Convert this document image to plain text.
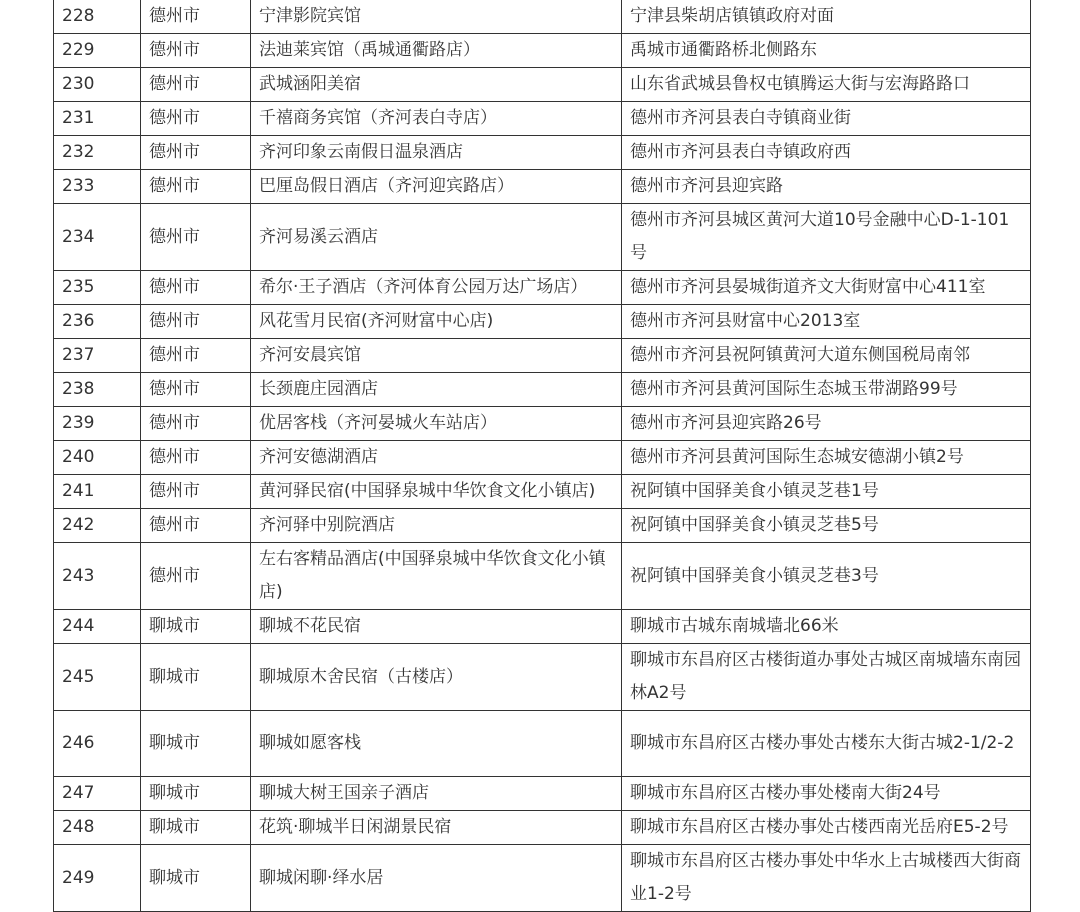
228	德州市	宁津影院宾馆	宁津县柴胡店镇镇政府对面
229	德州市	法迪莱宾馆（禹城通衢路店）	禹城市通衢路桥北侧路东
230	德州市	武城涵阳美宿	山东省武城县鲁权屯镇腾运大街与宏海路路口
231	德州市	千禧商务宾馆（齐河表白寺店）	德州市齐河县表白寺镇商业街
232	德州市	齐河印象云南假日温泉酒店	德州市齐河县表白寺镇政府西
233	德州市	巴厘岛假日酒店（齐河迎宾路店）	德州市齐河县迎宾路
234	德州市	齐河易溪云酒店	德州市齐河县城区黄河大道10号金融中心D-1-101号
235	德州市	希尔·王子酒店（齐河体育公园万达广场店）	德州市齐河县晏城街道齐文大街财富中心411室
236	德州市	风花雪月民宿(齐河财富中心店)	德州市齐河县财富中心2013室
237	德州市	齐河安晨宾馆	德州市齐河县祝阿镇黄河大道东侧国税局南邻
238	德州市	长颈鹿庄园酒店	德州市齐河县黄河国际生态城玉带湖路99号
239	德州市	优居客栈（齐河晏城火车站店）	德州市齐河县迎宾路26号
240	德州市	齐河安德湖酒店	德州市齐河县黄河国际生态城安德湖小镇2号
241	德州市	黄河驿民宿(中国驿泉城中华饮食文化小镇店)	祝阿镇中国驿美食小镇灵芝巷1号
242	德州市	齐河驿中别院酒店	祝阿镇中国驿美食小镇灵芝巷5号
243	德州市	左右客精品酒店(中国驿泉城中华饮食文化小镇店)	祝阿镇中国驿美食小镇灵芝巷3号
244	聊城市	聊城不花民宿	聊城市古城东南城墙北66米
245	聊城市	聊城原木舍民宿（古楼店）	聊城市东昌府区古楼街道办事处古城区南城墙东南园林A2号
246	聊城市	聊城如愿客栈	聊城市东昌府区古楼办事处古楼东大街古城2-1/2-2
247	聊城市	聊城大树王国亲子酒店	聊城市东昌府区古楼办事处楼南大街24号
248	聊城市	花筑·聊城半日闲湖景民宿	聊城市东昌府区古楼办事处古楼西南光岳府E5-2号
249	聊城市	聊城闲聊·绎水居	聊城市东昌府区古楼办事处中华水上古城楼西大街商业1-2号
